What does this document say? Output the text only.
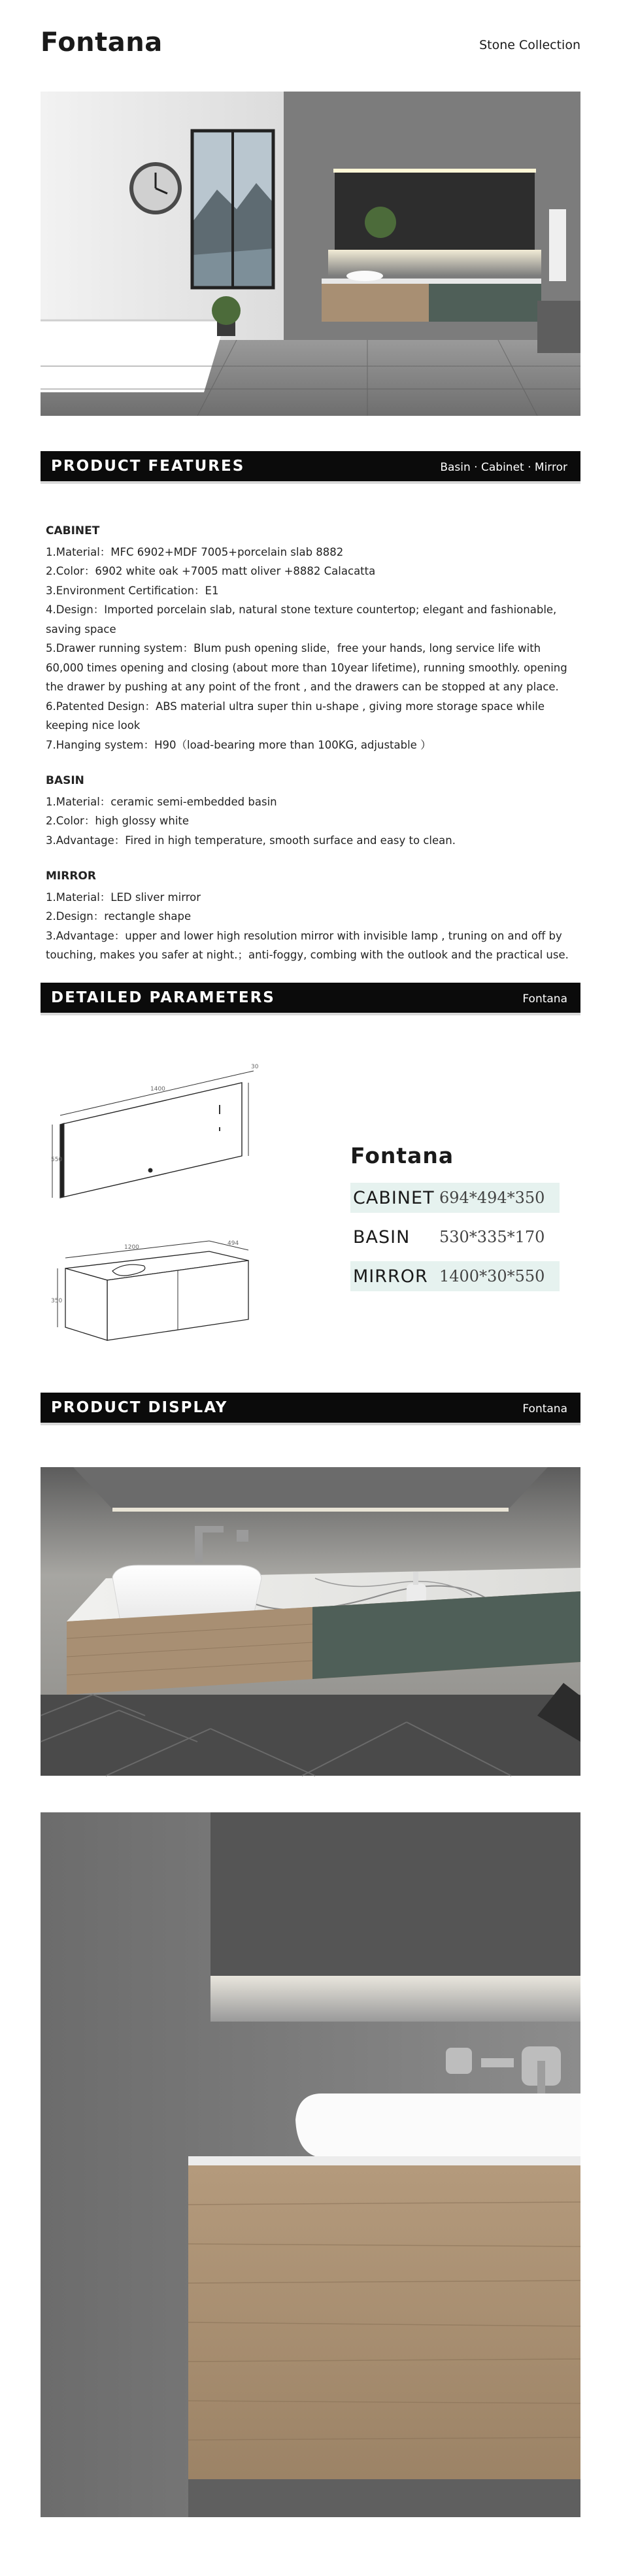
Fontana	Stone Collection
PRODUCT FEATURES	Basin · Cabinet · Mirror
CABINET
1.Material：MFC 6902+MDF 7005+porcelain slab 8882
2.Color：6902 white oak +7005 matt oliver +8882 Calacatta
3.Environment Certification：E1
4.Design：Imported porcelain slab, natural stone texture countertop; elegant and fashionable, saving space
5.Drawer running system：Blum push opening slide，free your hands, long service life with 60,000 times opening and closing (about more than 10year lifetime), running smoothly. opening the drawer by pushing at any point of the front , and the drawers can be stopped at any place.
6.Patented Design：ABS material ultra super thin u-shape , giving more storage space while keeping nice look
7.Hanging system：H90（load-bearing more than 100KG, adjustable ）
BASIN
1.Material：ceramic semi-embedded basin
2.Color：high glossy white
3.Advantage：Fired in high temperature, smooth surface and easy to clean.
MIRROR
1.Material：LED sliver mirror
2.Design：rectangle shape
3.Advantage：upper and lower high resolution mirror with invisible lamp , truning on and off by touching, makes you safer at night.；anti-foggy, combing with the outlook and the practical use.
DETAILED PARAMETERS	Fontana
1400
30
550
1200
494
350
Fontana
CABINET 694*494*350
BASIN	530*335*170
MIRROR 1400*30*550
PRODUCT DISPLAY	Fontana
